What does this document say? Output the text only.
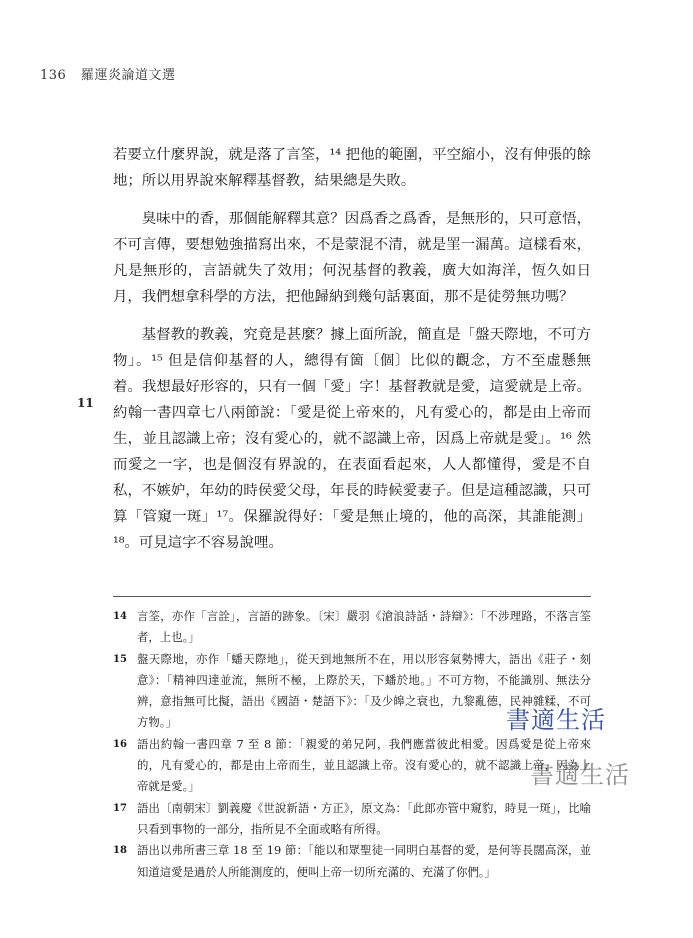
136 羅運炎論道文選

若要立什麼界說，就是落了言筌，¹⁴ 把他的範圍，平空縮小，沒有伸張的餘地；所以用界說來解釋基督教，結果總是失敗。

臭味中的香，那個能解釋其意？因爲香之爲香，是無形的，只可意悟，不可言傳，要想勉強描寫出來，不是蒙混不清，就是罣一漏萬。這樣看來，凡是無形的，言語就失了效用；何況基督的教義，廣大如海洋，恆久如日月，我們想拿科學的方法，把他歸納到幾句話裏面，那不是徒勞無功嗎？

基督教的教義，究竟是甚麼？據上面所說，簡直是「盤天際地，不可方物」。¹⁵ 但是信仰基督的人，總得有箇〔個〕比似的觀念，方不至虛懸無着。我想最好形容的，只有一個「愛」字！基督教就是愛，這愛就是上帝。約翰一書四章七八兩節說：「愛是從上帝來的，凡有愛心的，都是由上帝而生，並且認識上帝；沒有愛心的，就不認識上帝，因爲上帝就是愛」。¹⁶ 然而愛之一字，也是個沒有界說的，在表面看起來，人人都懂得，愛是不自私，不嫉妒，年幼的時侯愛父母，年長的時候愛妻子。但是這種認識，只可算「管窺一斑」¹⁷。保羅說得好：「愛是無止境的，他的高深，其誰能測」¹⁸。可見這字不容易說哩。

11
14 言筌，亦作「言詮」，言語的跡象。〔宋〕嚴羽《滄浪詩話・詩辯》：「不涉理路，不落言筌者，上也。」
15 盤天際地，亦作「蟠天際地」，從天到地無所不在，用以形容氣勢博大，語出《莊子・刻意》：「精神四達並流，無所不極，上際於天，下蟠於地。」不可方物，不能識別、無法分辨，意指無可比擬，語出《國語・楚語下》：「及少皞之衰也，九黎亂德，民神雜糅，不可方物。」
16 語出約翰一書四章 7 至 8 節：「親愛的弟兄阿，我們應當彼此相愛。因爲愛是從上帝來的，凡有愛心的，都是由上帝而生，並且認識上帝。沒有愛心的，就不認識上帝，因為上帝就是愛。」
17 語出〔南朝宋〕劉義慶《世說新語・方正》，原文為：「此郎亦管中窺豹，時見一斑」，比喻只看到事物的一部分，指所見不全面或略有所得。
18 語出以弗所書三章 18 至 19 節：「能以和眾聖徒一同明白基督的愛，是何等長闊高深，並知道這愛是過於人所能測度的，便叫上帝一切所充滿的、充滿了你們。」
書適生活
書適生活
